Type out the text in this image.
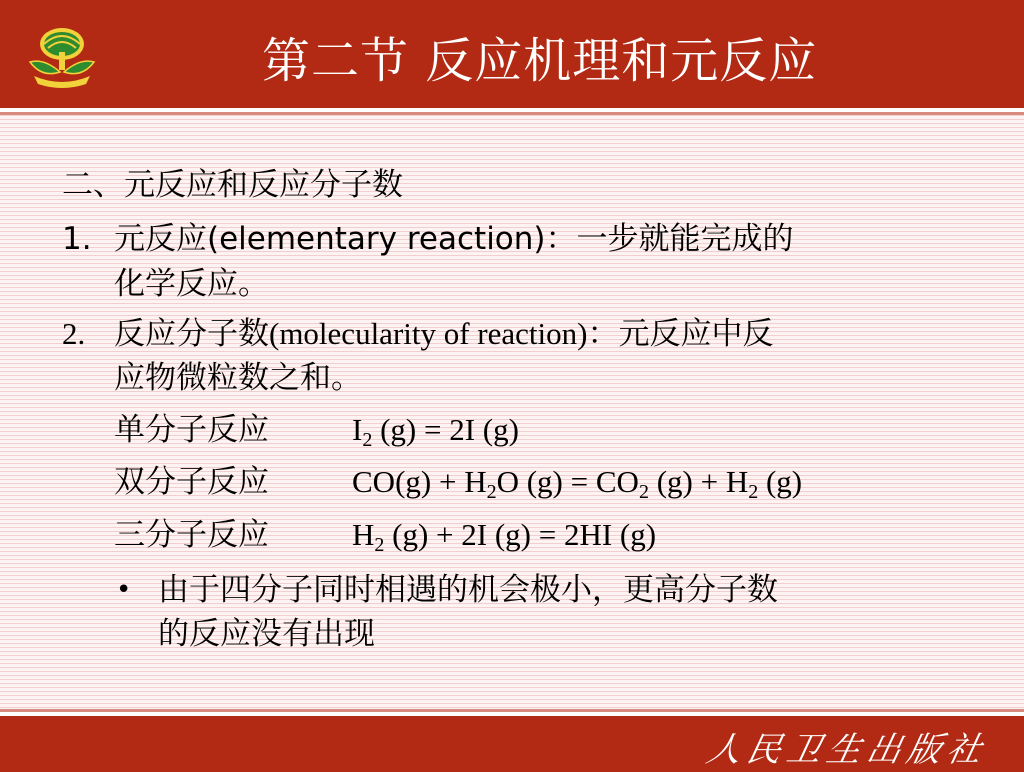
第二节 反应机理和元反应
二、元反应和反应分子数
1. 元反应(elementary reaction)：一步就能完成的
化学反应。
2. 反应分子数(molecularity of reaction)：元反应中反
应物微粒数之和。
单分子反应	$I_2$ (g) = 2I (g)
双分子反应	$CO(g) + H_2O$ $(g) = CO_2$ $(g) + H_2$ (g)
三分子反应	$H_2$ (g) + 2I (g) = 2HI (g)
• 由于四分子同时相遇的机会极小，更高分子数
的反应没有出现
人民卫生出版社
